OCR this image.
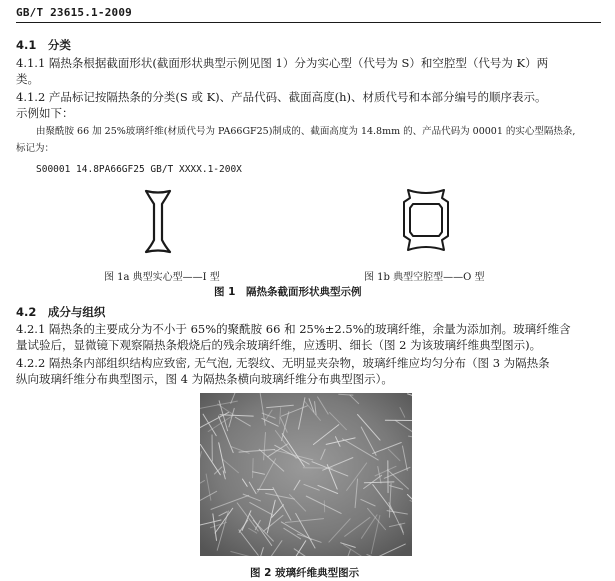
GB/T 23615.1-2009
4.1　分类
4.1.1 隔热条根据截面形状(截面形状典型示例见图 1）分为实心型（代号为 S）和空腔型（代号为 K）两
类。
4.1.2 产品标记按隔热条的分类(S 或 K)、产品代码、截面高度(h)、材质代号和本部分编号的顺序表示。
示例如下：
由聚酰胺 66 加 25%玻璃纤维(材质代号为 PA66GF25)制成的、截面高度为 14.8mm 的、产品代码为 00001 的实心型隔热条,
标记为：
S00001 14.8PA66GF25 GB/T XXXX.1-200X
图 1a 典型实心型——I 型	图 1b 典型空腔型——O 型
图 1　隔热条截面形状典型示例
4.2　成分与组织
4.2.1 隔热条的主要成分为不小于 65%的聚酰胺 66 和 25%±2.5%的玻璃纤维，余量为添加剂。玻璃纤维含
量试验后，显微镜下观察隔热条煅烧后的残余玻璃纤维，应透明、细长（图 2 为该玻璃纤维典型图示)。
4.2.2 隔热条内部组织结构应致密, 无气泡, 无裂纹、无明显夹杂物，玻璃纤维应均匀分布（图 3 为隔热条
纵向玻璃纤维分布典型图示，图 4 为隔热条横向玻璃纤维分布典型图示）。
图 2 玻璃纤维典型图示
